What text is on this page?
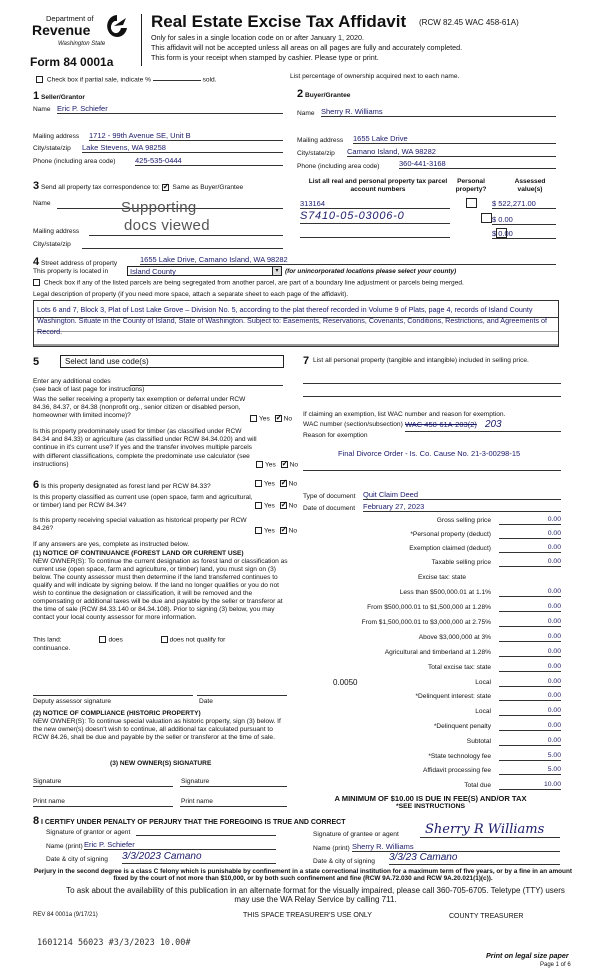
Department of
Revenue
Washington State
Form 84 0001a
Real Estate Excise Tax Affidavit (RCW 82.45 WAC 458-61A)
Only for sales in a single location code on or after January 1, 2020.
This affidavit will not be accepted unless all areas on all pages are fully and accurately completed.
This form is your receipt when stamped by cashier. Please type or print.
Check box if partial sale, indicate %	sold.	List percentage of ownership acquired next to each name.
1 Seller/Grantor
Name Eric P. Schiefer
Mailing address 1712 - 99th Avenue SE, Unit B
City/state/zip Lake Stevens, WA 98258
Phone (including area code)	425-535-0444
2 Buyer/Grantee
Name Sherry R. Williams
Mailing address 1655 Lake Drive
City/state/zip Camano Island, WA 98282
Phone (including area code)	360-441-3168
3 Send all property tax correspondence to: ✓ Same as Buyer/Grantee
Name	Supporting
docs viewed
Mailing address
City/state/zip
List all real and personal property tax parcel account numbers
Personal property?
Assessed value(s)
313164
	$ 522,271.00
S7410-05-03006-0
	$ 0.00
$ 0.00
4 Street address of property	1655 Lake Drive, Camano Island, WA 98282
This property is located in	Island County	▾	(for unincorporated locations please select your county)
Check box if any of the listed parcels are being segregated from another parcel, are part of a boundary line adjustment or parcels being merged.
Legal description of property (if you need more space, attach a separate sheet to each page of the affidavit).
Lots 6 and 7, Block 3, Plat of Lost Lake Grove – Division No. 5, according to the plat thereof recorded in Volume 9 of Plats, page 4, records of Island County Washington. Situate in the County of Island, State of Washington. Subject to: Easements, Reservations, Covenants, Conditions, Restrictions, and Agreements of Record.
5	Select land use code(s)
Enter any additional codes
(see back of last page for instructions)
Was the seller receiving a property tax exemption or deferral under RCW 84.36, 84.37, or 84.38 (nonprofit org., senior citizen or disabled person, homeowner with limited income)?	Yes ✓ No
Is this property predominately used for timber (as classified under RCW 84.34 and 84.33) or agriculture (as classified under RCW 84.34.020) and will continue in it's current use? If yes and the transfer involves multiple parcels with different classifications, complete the predominate use calculator (see instructions)	Yes ✓ No
6 Is this property designated as forest land per RCW 84.33?	Yes ✓ No
Is this property classified as current use (open space, farm and agricultural, or timber) land per RCW 84.34?	Yes ✓ No
Is this property receiving special valuation as historical property per RCW 84.26?	Yes ✓ No
If any answers are yes, complete as instructed below.
(1) NOTICE OF CONTINUANCE (FOREST LAND OR CURRENT USE)
NEW OWNER(S): To continue the current designation as forest land or classification as current use (open space, farm and agriculture, or timber) land, you must sign on (3) below. The county assessor must then determine if the land transferred continues to qualify and will indicate by signing below. If the land no longer qualifies or you do not wish to continue the designation or classification, it will be removed and the compensating or additional taxes will be due and payable by the seller or transferor at the time of sale (RCW 84.33.140 or 84.34.108). Prior to signing (3) below, you may contact your local county assessor for more information.
This land:	does	does not qualify for
continuance.
Deputy assessor signature	Date
(2) NOTICE OF COMPLIANCE (HISTORIC PROPERTY)
NEW OWNER(S): To continue special valuation as historic property, sign (3) below. If the new owner(s) doesn't wish to continue, all additional tax calculated pursuant to RCW 84.26, shall be due and payable by the seller or transferor at the time of sale.
(3) NEW OWNER(S) SIGNATURE
Signature	Signature
Print name	Print name
7 List all personal property (tangible and intangible) included in selling price.
If claiming an exemption, list WAC number and reason for exemption.
WAC number (section/subsection) WAC 458-61A-203(2) 203
Reason for exemption
Final Divorce Order - Is. Co. Cause No. 21-3-00298-15
Type of document Quit Claim Deed
Date of document February 27, 2023
Gross selling price	0.00
*Personal property (deduct)	0.00
Exemption claimed (deduct)	0.00
Taxable selling price	0.00
Excise tax: state
Less than $500,000.01 at 1.1%	0.00
From $500,000.01 to $1,500,000 at 1.28%	0.00
From $1,500,000.01 to $3,000,000 at 2.75%	0.00
Above $3,000,000 at 3%	0.00
Agricultural and timberland at 1.28%	0.00
Total excise tax: state	0.00
0.0050	Local	0.00
*Delinquent interest: state	0.00
Local	0.00
*Delinquent penalty	0.00
Subtotal	0.00
*State technology fee	5.00
Affidavit processing fee	5.00
Total due	10.00
A MINIMUM OF $10.00 IS DUE IN FEE(S) AND/OR TAX
*SEE INSTRUCTIONS
8 I CERTIFY UNDER PENALTY OF PERJURY THAT THE FOREGOING IS TRUE AND CORRECT
Signature of grantor or agent
Name (print) Eric P. Schiefer
Date & city of signing 3/3/2023 Camano
Signature of grantee or agent Sherry R Williams
Name (print) Sherry R. Williams
Date & city of signing 3/3/23 Camano
Perjury in the second degree is a class C felony which is punishable by confinement in a state correctional institution for a maximum term of five years, or by a fine in an amount fixed by the court of not more than $10,000, or by both such confinement and fine (RCW 9A.72.030 and RCW 9A.20.021(1)(c)).
To ask about the availability of this publication in an alternate format for the visually impaired, please call 360-705-6705. Teletype (TTY) users may use the WA Relay Service by calling 711.
REV 84 0001a (9/17/21)	THIS SPACE TREASURER'S USE ONLY	COUNTY TREASURER
1601214 56023 #3/3/2023 10.00#
Print on legal size paper
Page 1 of 6
